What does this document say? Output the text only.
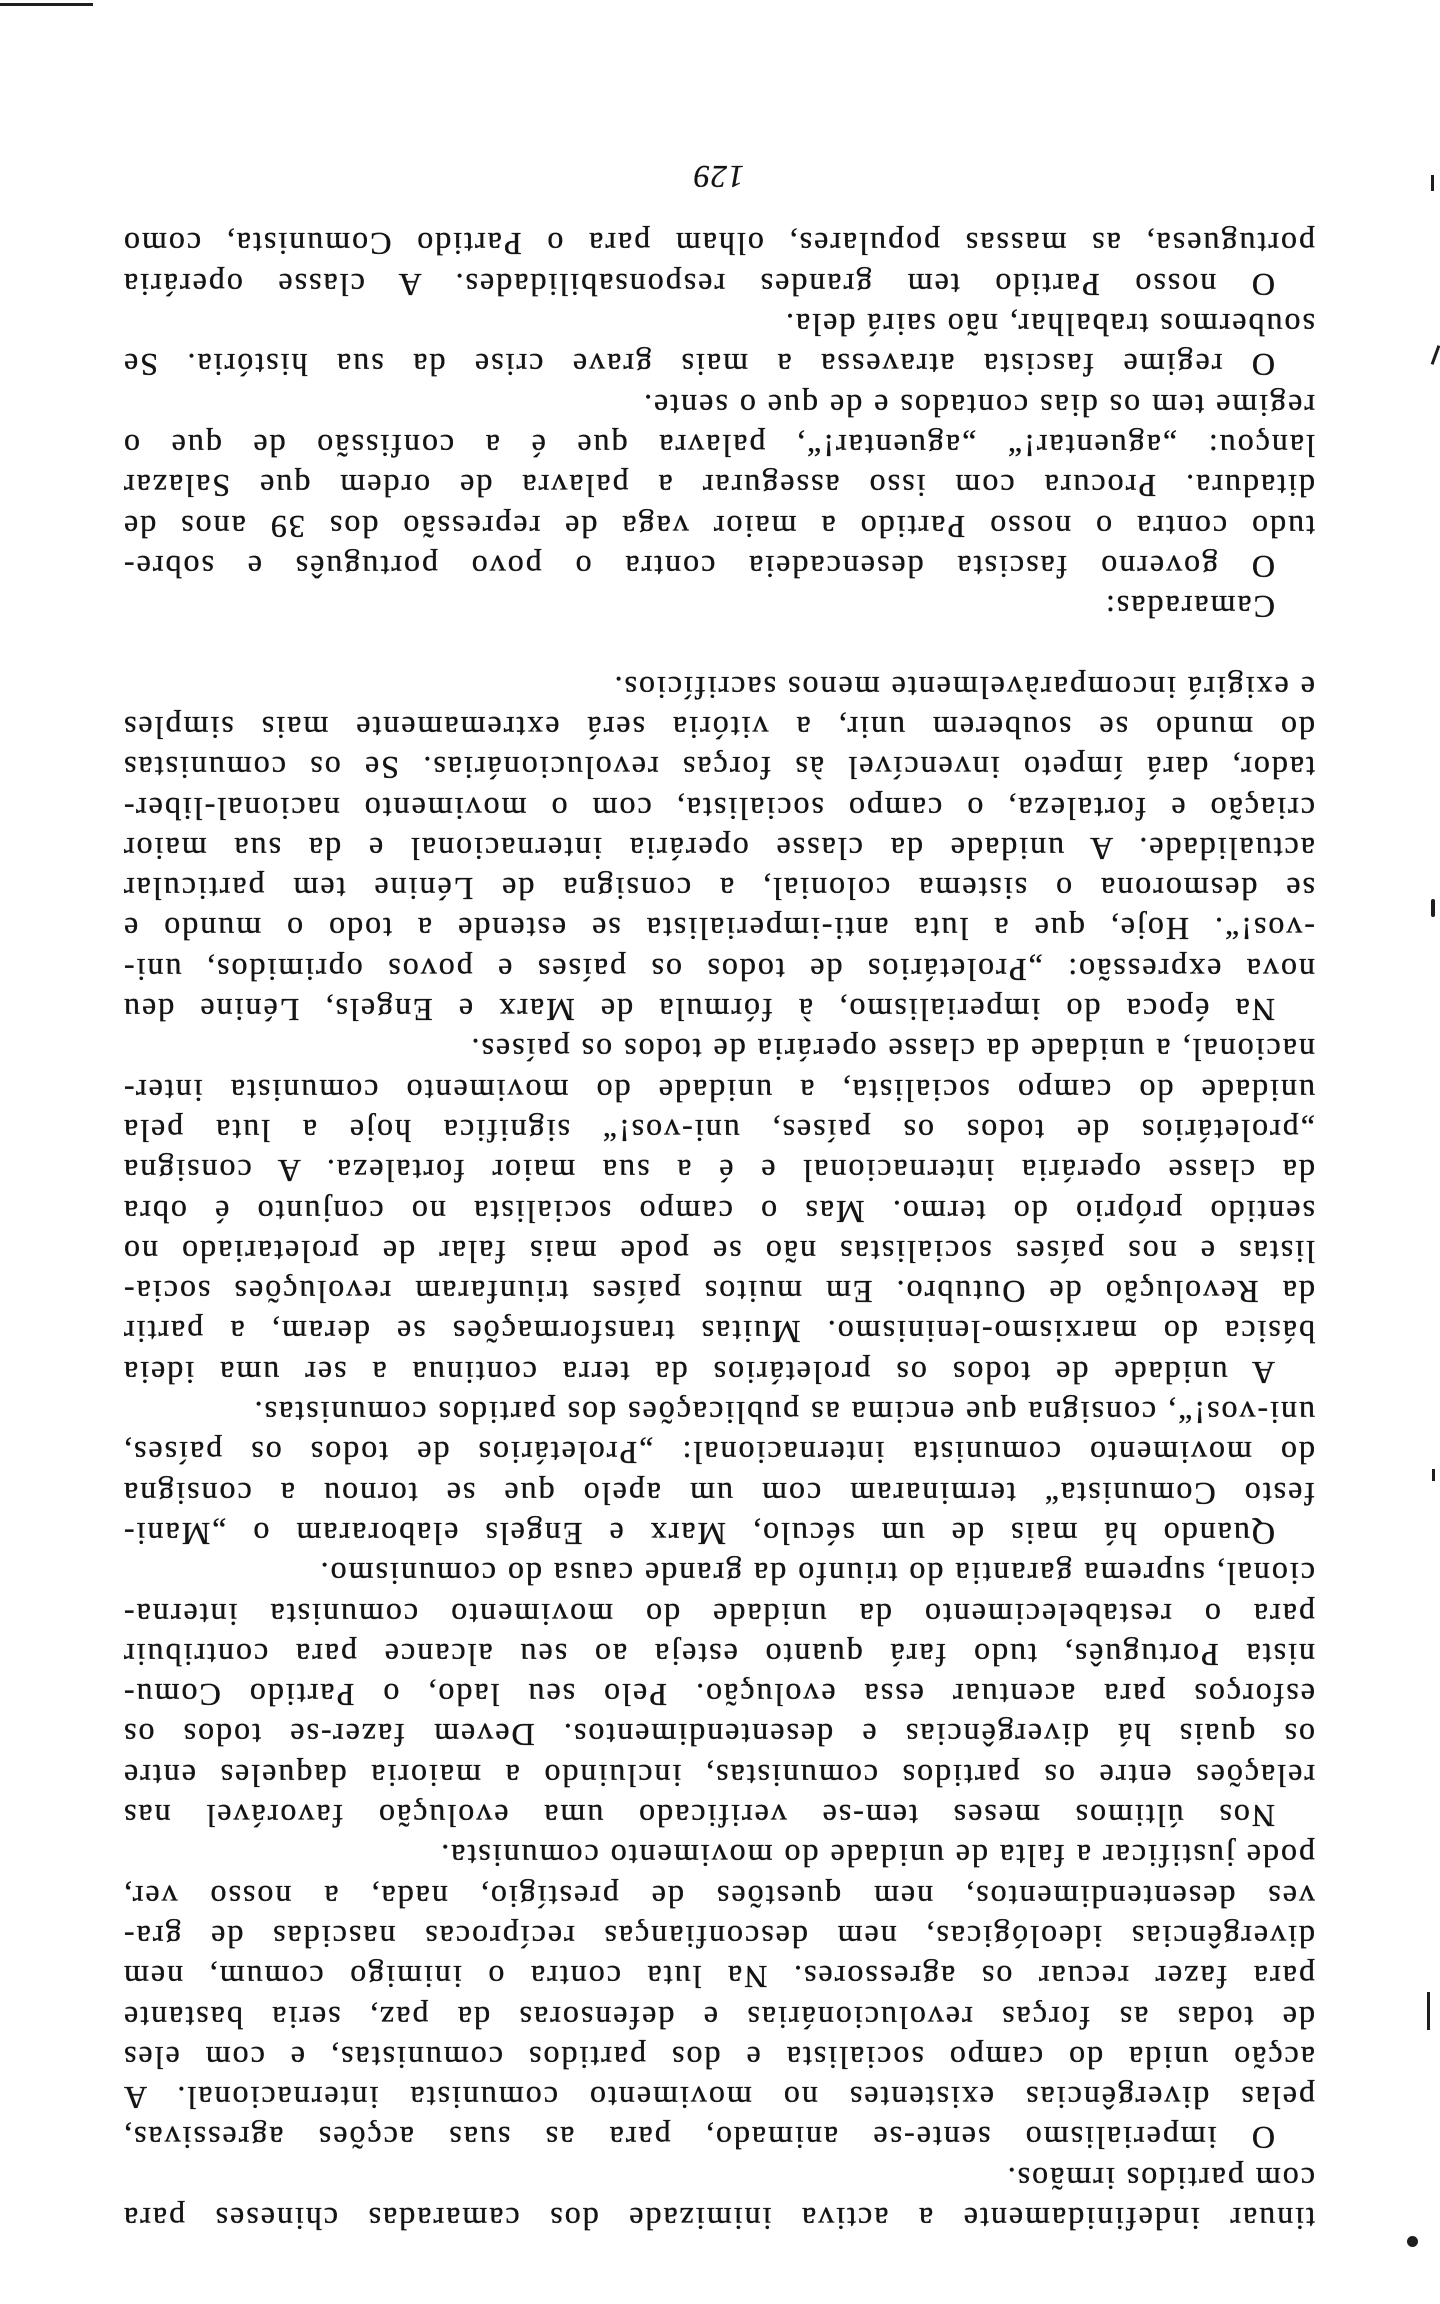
tinuar indefinidamente a activa inimizade dos camaradas chineses para
com partidos irmãos.
O imperialismo sente-se animado, para as suas acções agressivas,
pelas divergências existentes no movimento comunista internacional. A
acção unida do campo socialista e dos partidos comunistas, e com eles
de todas as forças revolucionárias e defensoras da paz, seria bastante
para fazer recuar os agressores. Na luta contra o inimigo comum, nem
divergências ideológicas, nem desconfianças recíprocas nascidas de gra-
ves desentendimentos, nem questões de prestígio, nada, a nosso ver,
pode justificar a falta de unidade do movimento comunista.
Nos últimos meses tem-se verificado uma evolução favorável nas
relações entre os partidos comunistas, incluindo a maioria daqueles entre
os quais há divergências e desentendimentos. Devem fazer-se todos os
esforços para acentuar essa evolução. Pelo seu lado, o Partido Comu-
nista Português, tudo fará quanto esteja ao seu alcance para contribuir
para o restabelecimento da unidade do movimento comunista interna-
cional, suprema garantia do triunfo da grande causa do comunismo.
Quando há mais de um século, Marx e Engels elaboraram o „Mani-
festo Comunista“ terminaram com um apelo que se tornou a consigna
do movimento comunista internacional: „Proletários de todos os países,
uni-vos!“, consigna que encima as publicações dos partidos comunistas.
A unidade de todos os proletários da terra continua a ser uma ideia
básica do marxismo-leninismo. Muitas transformações se deram, a partir
da Revolução de Outubro. Em muitos países triunfaram revoluções socia-
listas e nos países socialistas não se pode mais falar de proletariado no
sentido próprio do termo. Mas o campo socialista no conjunto é obra
da classe operária internacional e é a sua maior fortaleza. A consigna
„proletários de todos os países, uni-vos!“ significa hoje a luta pela
unidade do campo socialista, a unidade do movimento comunista inter-
nacional, a unidade da classe operária de todos os países.
Na época do imperialismo, à fórmula de Marx e Engels, Lénine deu
nova expressão: „Proletários de todos os países e povos oprimidos, uni-
-vos!“. Hoje, que a luta anti-imperialista se estende a todo o mundo e
se desmorona o sistema colonial, a consigna de Lénine tem particular
actualidade. A unidade da classe operária internacional e da sua maior
criação e fortaleza, o campo socialista, com o movimento nacional-liber-
tador, dará ímpeto invencível às forças revolucionárias. Se os comunistas
do mundo se souberem unir, a vitória será extremamente mais simples
e exigirá incomparàvelmente menos sacrifícios.
Camaradas:
O governo fascista desencadeia contra o povo português e sobre-
tudo contra o nosso Partido a maior vaga de repressão dos 39 anos de
ditadura. Procura com isso assegurar a palavra de ordem que Salazar
lançou: „aguentar!“ „aguentar!“, palavra que é a confissão de que o
regime tem os dias contados e de que o sente.
O regime fascista atravessa a mais grave crise da sua história. Se
soubermos trabalhar, não sairá dela.
O nosso Partido tem grandes responsabilidades. A classe operária
portuguesa, as massas populares, olham para o Partido Comunista, como
129
